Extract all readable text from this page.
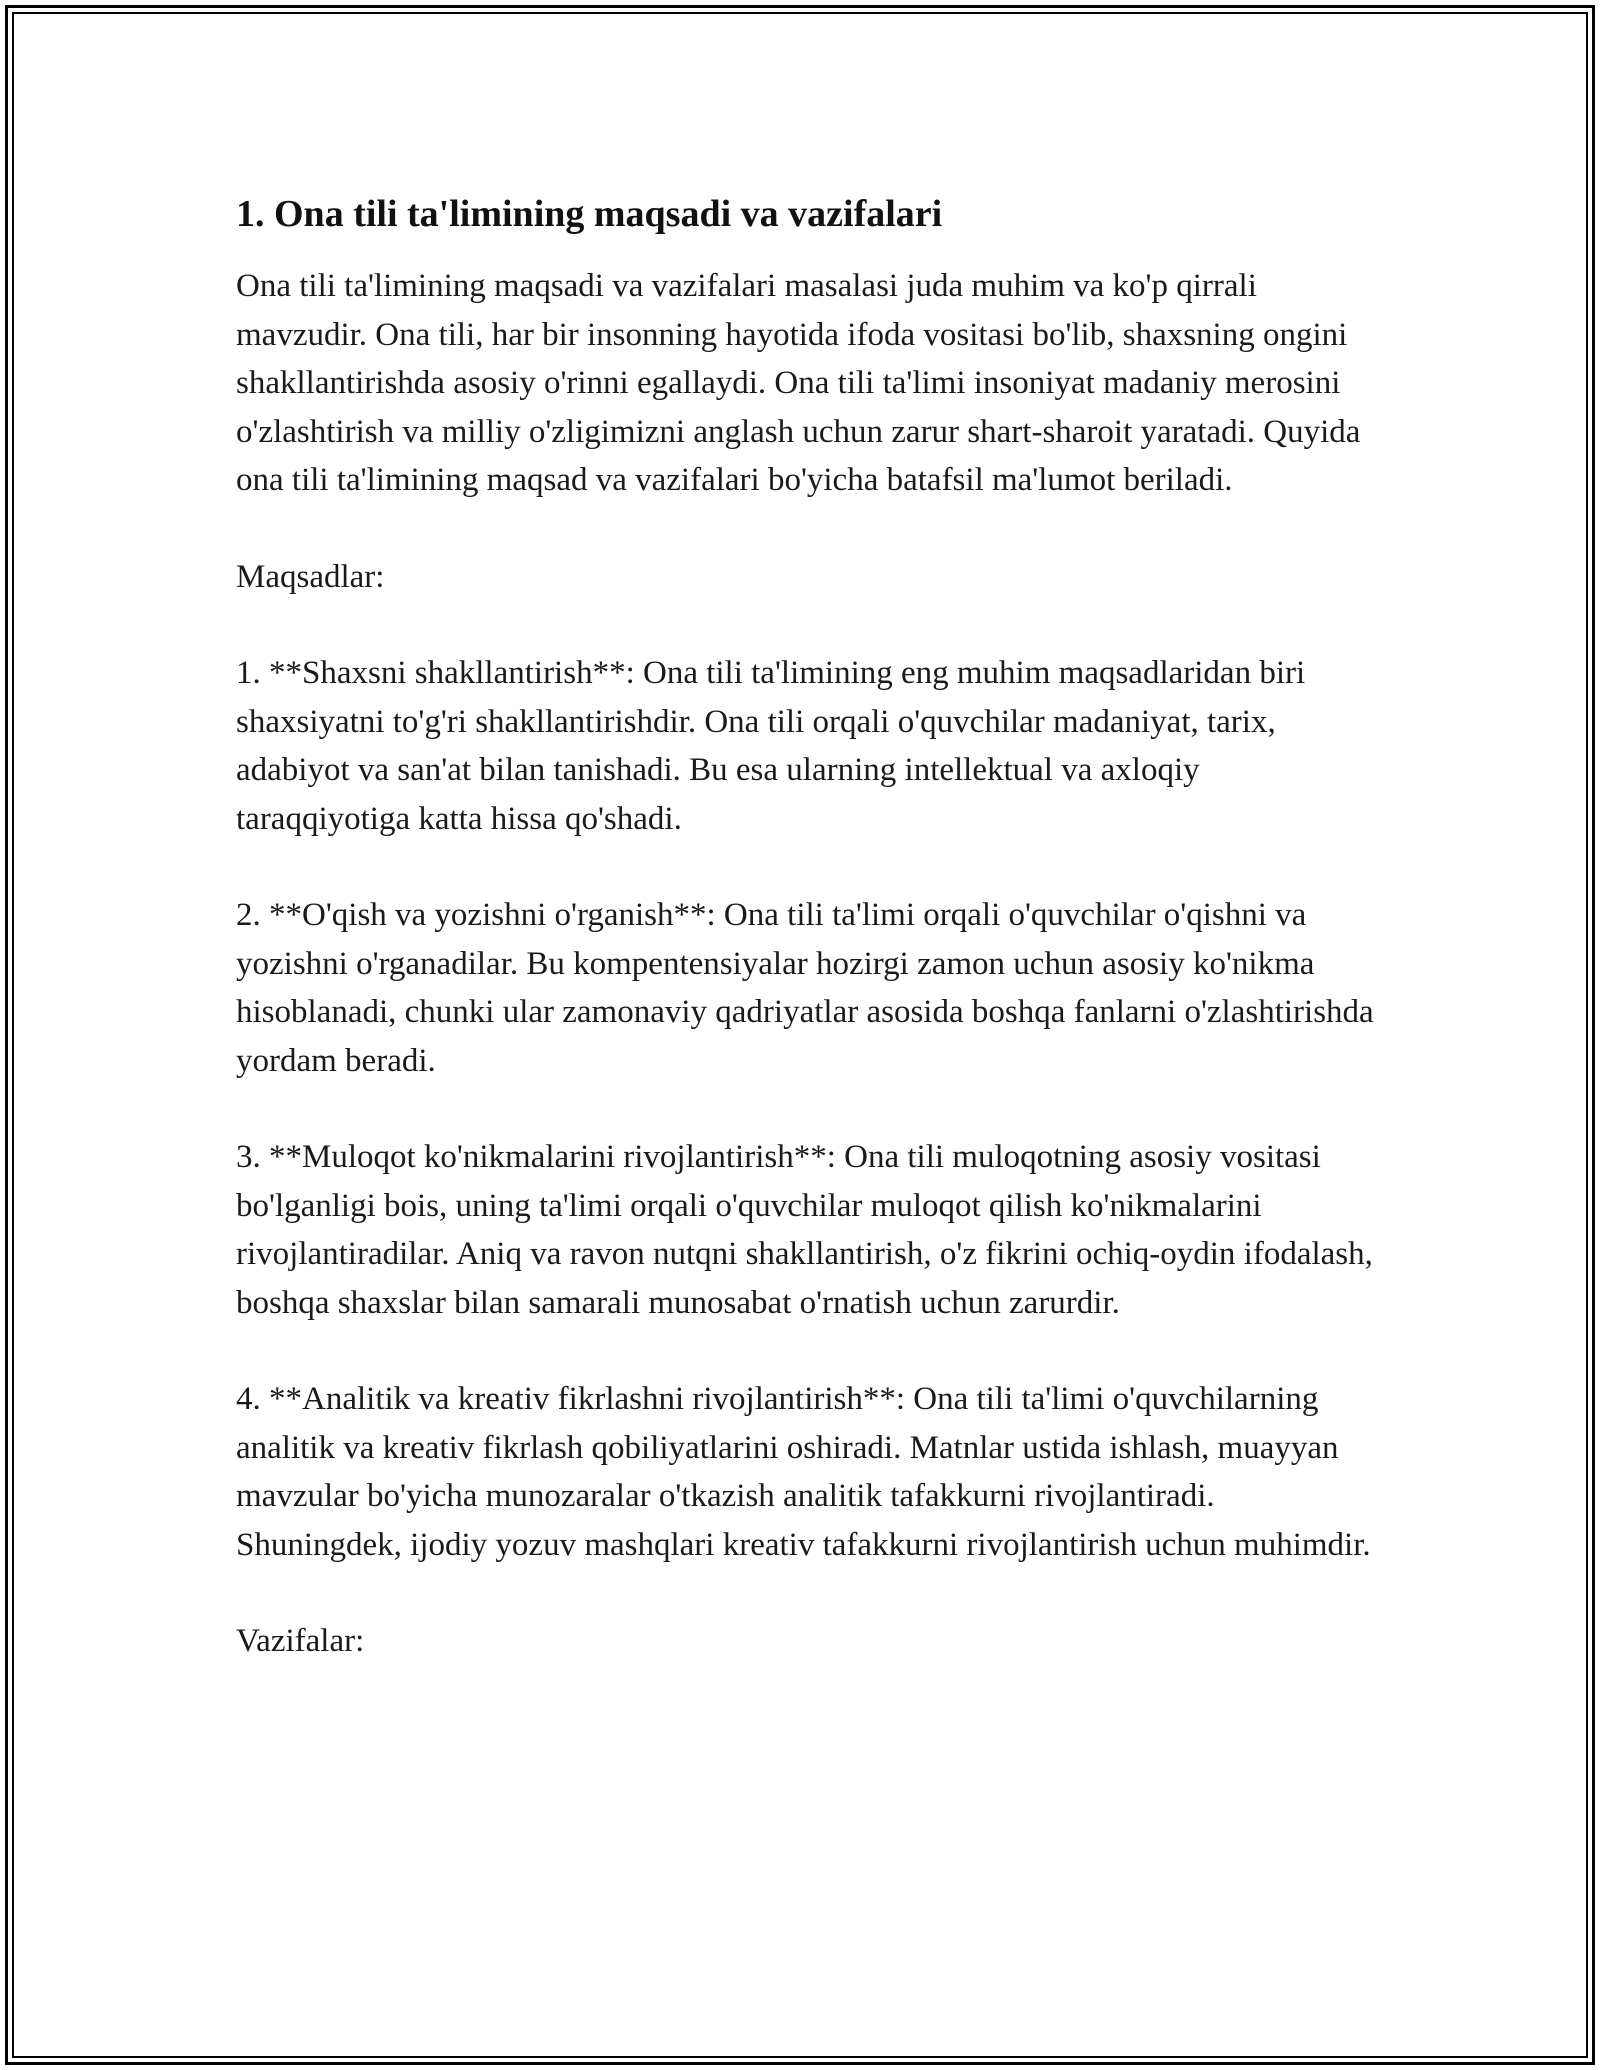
1. Ona tili ta'limining maqsadi va vazifalari

Ona tili ta'limining maqsadi va vazifalari masalasi juda muhim va ko'p qirrali mavzudir. Ona tili, har bir insonning hayotida ifoda vositasi bo'lib, shaxsning ongini shakllantirishda asosiy o'rinni egallaydi. Ona tili ta'limi insoniyat madaniy merosini o'zlashtirish va milliy o'zligimizni anglash uchun zarur shart-sharoit yaratadi. Quyida ona tili ta'limining maqsad va vazifalari bo'yicha batafsil ma'lumot beriladi.

Maqsadlar:

1. **Shaxsni shakllantirish**: Ona tili ta'limining eng muhim maqsadlaridan biri shaxsiyatni to'g'ri shakllantirishdir. Ona tili orqali o'quvchilar madaniyat, tarix, adabiyot va san'at bilan tanishadi. Bu esa ularning intellektual va axloqiy taraqqiyotiga katta hissa qo'shadi.

2. **O'qish va yozishni o'rganish**: Ona tili ta'limi orqali o'quvchilar o'qishni va yozishni o'rganadilar. Bu kompentensiyalar hozirgi zamon uchun asosiy ko'nikma hisoblanadi, chunki ular zamonaviy qadriyatlar asosida boshqa fanlarni o'zlashtirishda yordam beradi.

3. **Muloqot ko'nikmalarini rivojlantirish**: Ona tili muloqotning asosiy vositasi bo'lganligi bois, uning ta'limi orqali o'quvchilar muloqot qilish ko'nikmalarini rivojlantiradilar. Aniq va ravon nutqni shakllantirish, o'z fikrini ochiq-oydin ifodalash, boshqa shaxslar bilan samarali munosabat o'rnatish uchun zarurdir.

4. **Analitik va kreativ fikrlashni rivojlantirish**: Ona tili ta'limi o'quvchilarning analitik va kreativ fikrlash qobiliyatlarini oshiradi. Matnlar ustida ishlash, muayyan mavzular bo'yicha munozaralar o'tkazish analitik tafakkurni rivojlantiradi. Shuningdek, ijodiy yozuv mashqlari kreativ tafakkurni rivojlantirish uchun muhimdir.

Vazifalar:
